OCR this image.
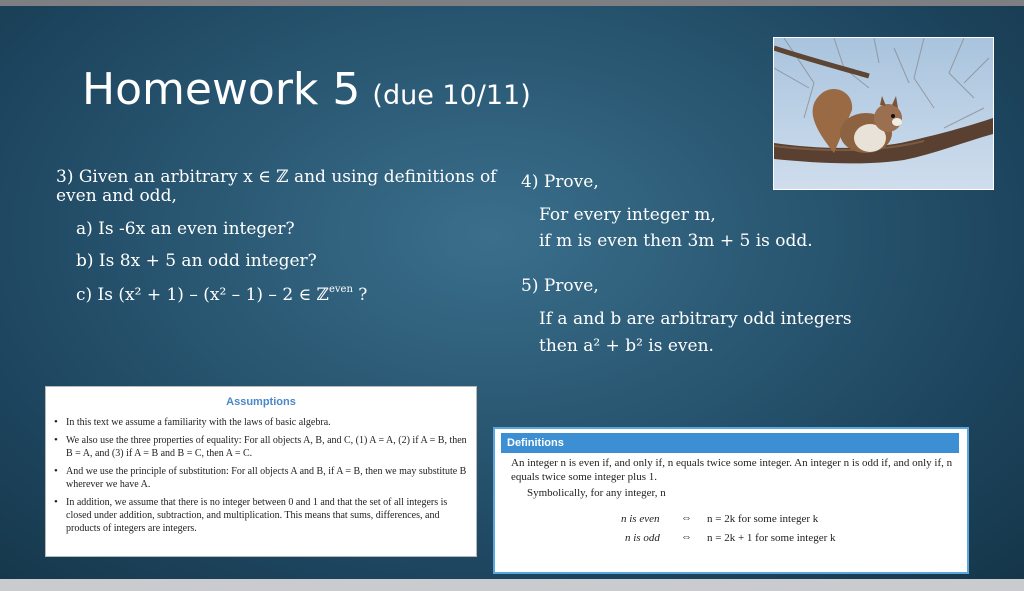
Homework 5 (due 10/11)
3) Given an arbitrary x ∈ ℤ and using definitions of
even and odd,
a) Is -6x an even integer?
b) Is 8x + 5 an odd integer?
c) Is (x² + 1) – (x² – 1) – 2 ∈ ℤ$^{even}$ ?
4) Prove,
For every integer m,
if m is even then 3m + 5 is odd.
5) Prove,
If a and b are arbitrary odd integers
then a² + b² is even.
Assumptions
• In this text we assume a familiarity with the laws of basic algebra.
• We also use the three properties of equality: For all objects A, B, and C, (1) A = A, (2) if A = B, then B = A, and (3) if A = B and B = C, then A = C.
• And we use the principle of substitution: For all objects A and B, if A = B, then we may substitute B wherever we have A.
• In addition, we assume that there is no integer between 0 and 1 and that the set of all integers is closed under addition, subtraction, and multiplication. This means that sums, differences, and products of integers are integers.
Definitions
An integer n is even if, and only if, n equals twice some integer. An integer n is odd if, and only if, n equals twice some integer plus 1.
Symbolically, for any integer, n
n is even ⇔ n = 2k for some integer k
n is odd ⇔ n = 2k + 1 for some integer k
